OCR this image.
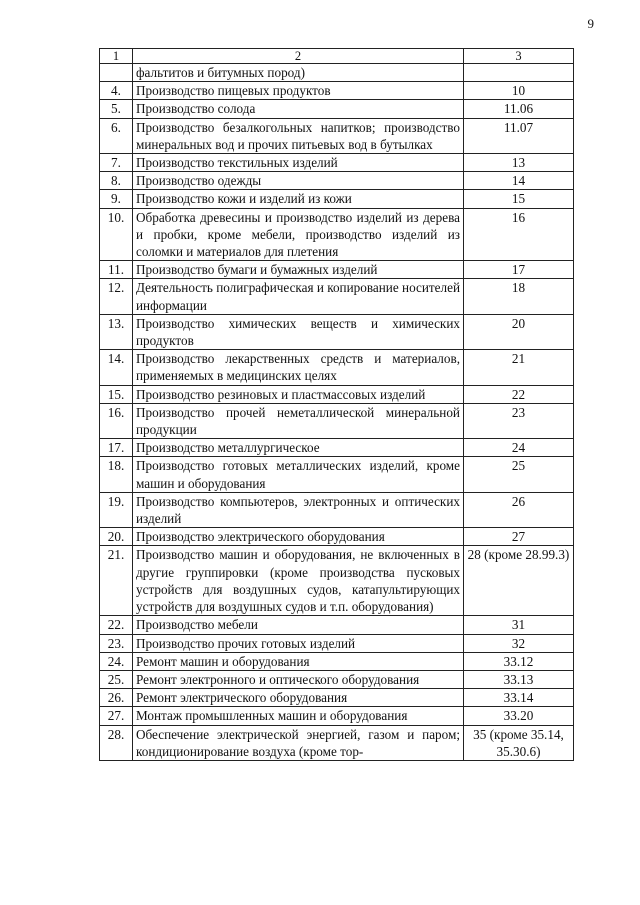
9
1	2	3
	фальтитов и битумных пород)	
4.	Производство пищевых продуктов	10
5.	Производство солода	11.06
6.	Производство безалкогольных напитков; производство минеральных вод и прочих питьевых вод в бутылках	11.07
7.	Производство текстильных изделий	13
8.	Производство одежды	14
9.	Производство кожи и изделий из кожи	15
10.	Обработка древесины и производство изделий из дерева и пробки, кроме мебели, производство изделий из соломки и материалов для плетения	16
11.	Производство бумаги и бумажных изделий	17
12.	Деятельность полиграфическая и копирование носителей информации	18
13.	Производство химических веществ и химических продуктов	20
14.	Производство лекарственных средств и материалов, применяемых в медицинских целях	21
15.	Производство резиновых и пластмассовых изделий	22
16.	Производство прочей неметаллической минеральной продукции	23
17.	Производство металлургическое	24
18.	Производство готовых металлических изделий, кроме машин и оборудования	25
19.	Производство компьютеров, электронных и оптических изделий	26
20.	Производство электрического оборудования	27
21.	Производство машин и оборудования, не включенных в другие группировки (кроме производства пусковых устройств для воздушных судов, катапультирующих устройств для воздушных судов и т.п. оборудования)	28 (кроме 28.99.3)
22.	Производство мебели	31
23.	Производство прочих готовых изделий	32
24.	Ремонт машин и оборудования	33.12
25.	Ремонт электронного и оптического оборудования	33.13
26.	Ремонт электрического оборудования	33.14
27.	Монтаж промышленных машин и оборудования	33.20
28.	Обеспечение электрической энергией, газом и паром; кондиционирование воздуха (кроме тор-	35 (кроме 35.14, 35.30.6)
